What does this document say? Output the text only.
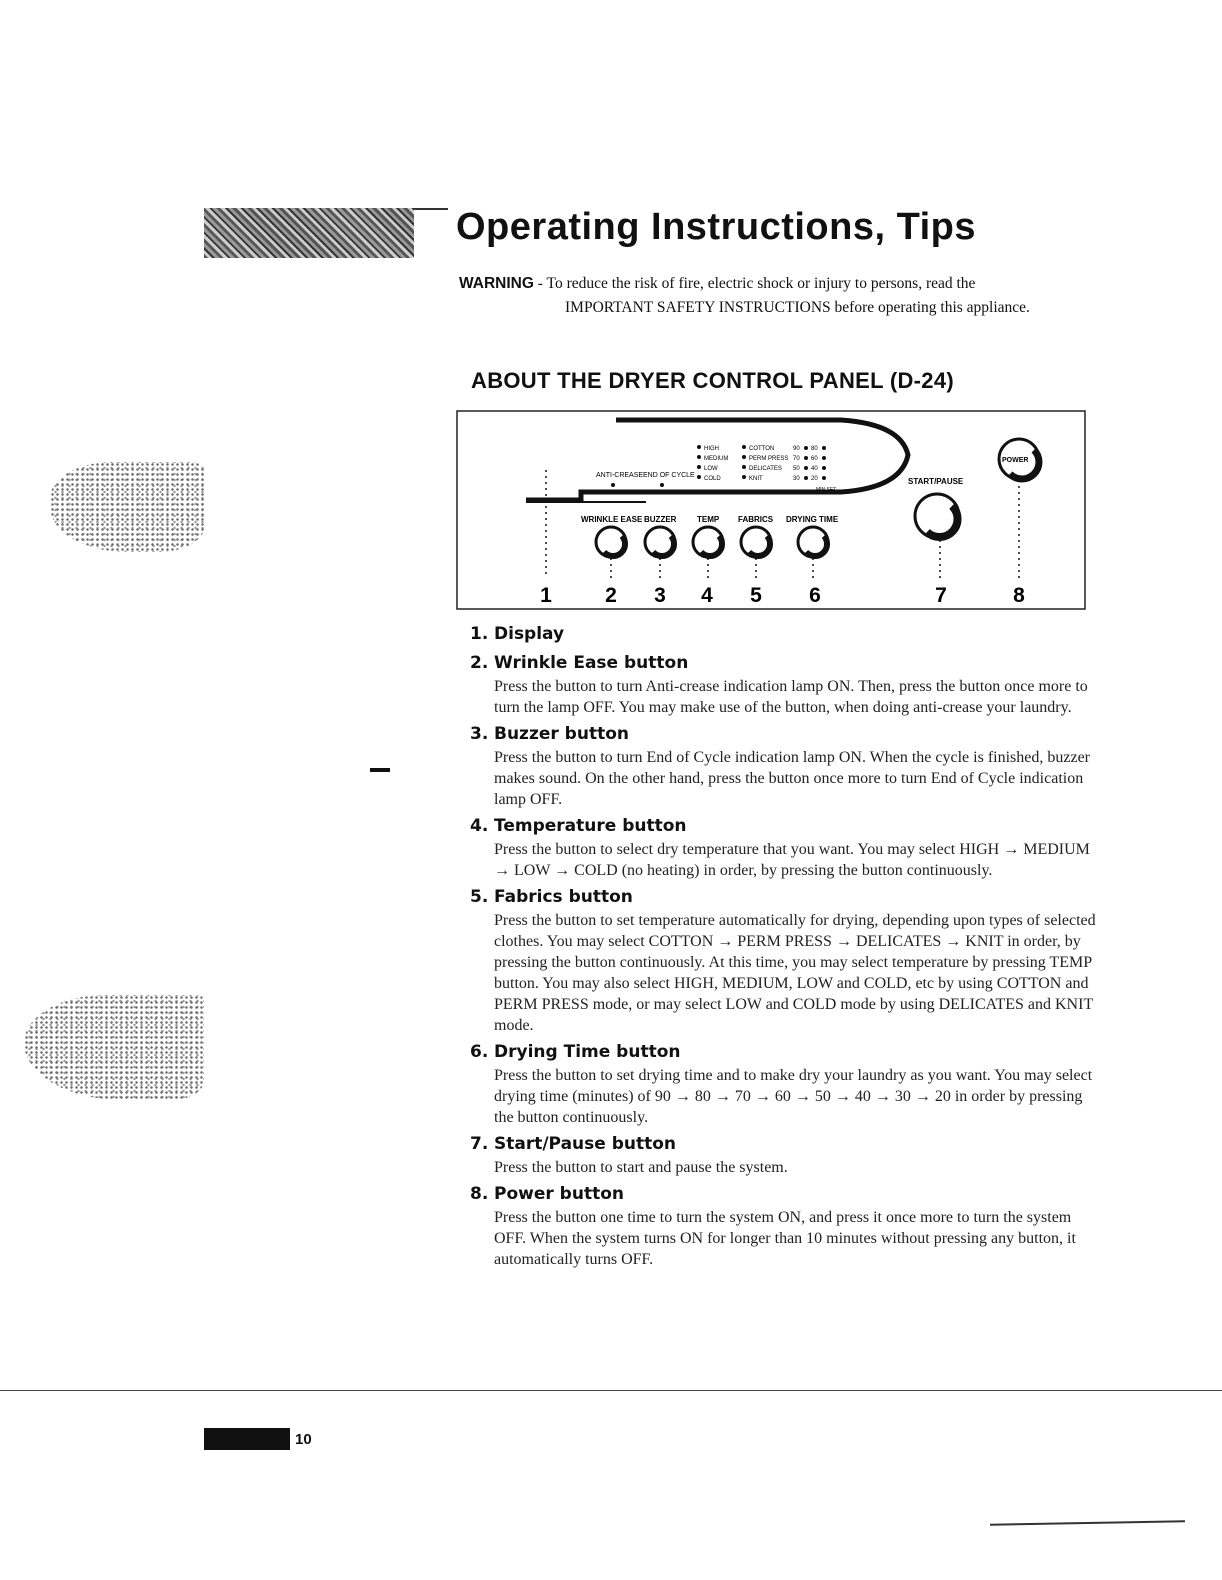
Operating Instructions, Tips
WARNING - To reduce the risk of fire, electric shock or injury to persons, read the
IMPORTANT SAFETY INSTRUCTIONS before operating this appliance.
ABOUT THE DRYER CONTROL PANEL (D-24)
ANTI-CREASE END OF CYCLE
HIGH
MEDIUM
LOW
COLD
COTTON
PERM PRESS
DELICATES
KNIT
90 80
70 60
50 40
30 20
MIN SET
WRINKLE EASE BUZZER	TEMP FABRICS DRYING TIME
START/PAUSE
POWER
1	2 3 4 5 6	7	8
1. Display
2. Wrinkle Ease button
Press the button to turn Anti-crease indication lamp ON. Then, press the button once more to turn the lamp OFF. You may make use of the button, when doing anti-crease your laundry.
3. Buzzer button
Press the button to turn End of Cycle indication lamp ON. When the cycle is finished, buzzer makes sound. On the other hand, press the button once more to turn End of Cycle indication lamp OFF.
4. Temperature button
Press the button to select dry temperature that you want. You may select HIGH → MEDIUM → LOW → COLD (no heating) in order, by pressing the button continuously.
5. Fabrics button
Press the button to set temperature automatically for drying, depending upon types of selected clothes. You may select COTTON → PERM PRESS → DELICATES → KNIT in order, by pressing the button continuously. At this time, you may select temperature by pressing TEMP button. You may also select HIGH, MEDIUM, LOW and COLD, etc by using COTTON and PERM PRESS mode, or may select LOW and COLD mode by using DELICATES and KNIT mode.
6. Drying Time button
Press the button to set drying time and to make dry your laundry as you want. You may select drying time (minutes) of 90 → 80 → 70 → 60 → 50 → 40 → 30 → 20 in order by pressing the button continuously.
7. Start/Pause button
Press the button to start and pause the system.
8. Power button
Press the button one time to turn the system ON, and press it once more to turn the system OFF. When the system turns ON for longer than 10 minutes without pressing any button, it automatically turns OFF.
10
